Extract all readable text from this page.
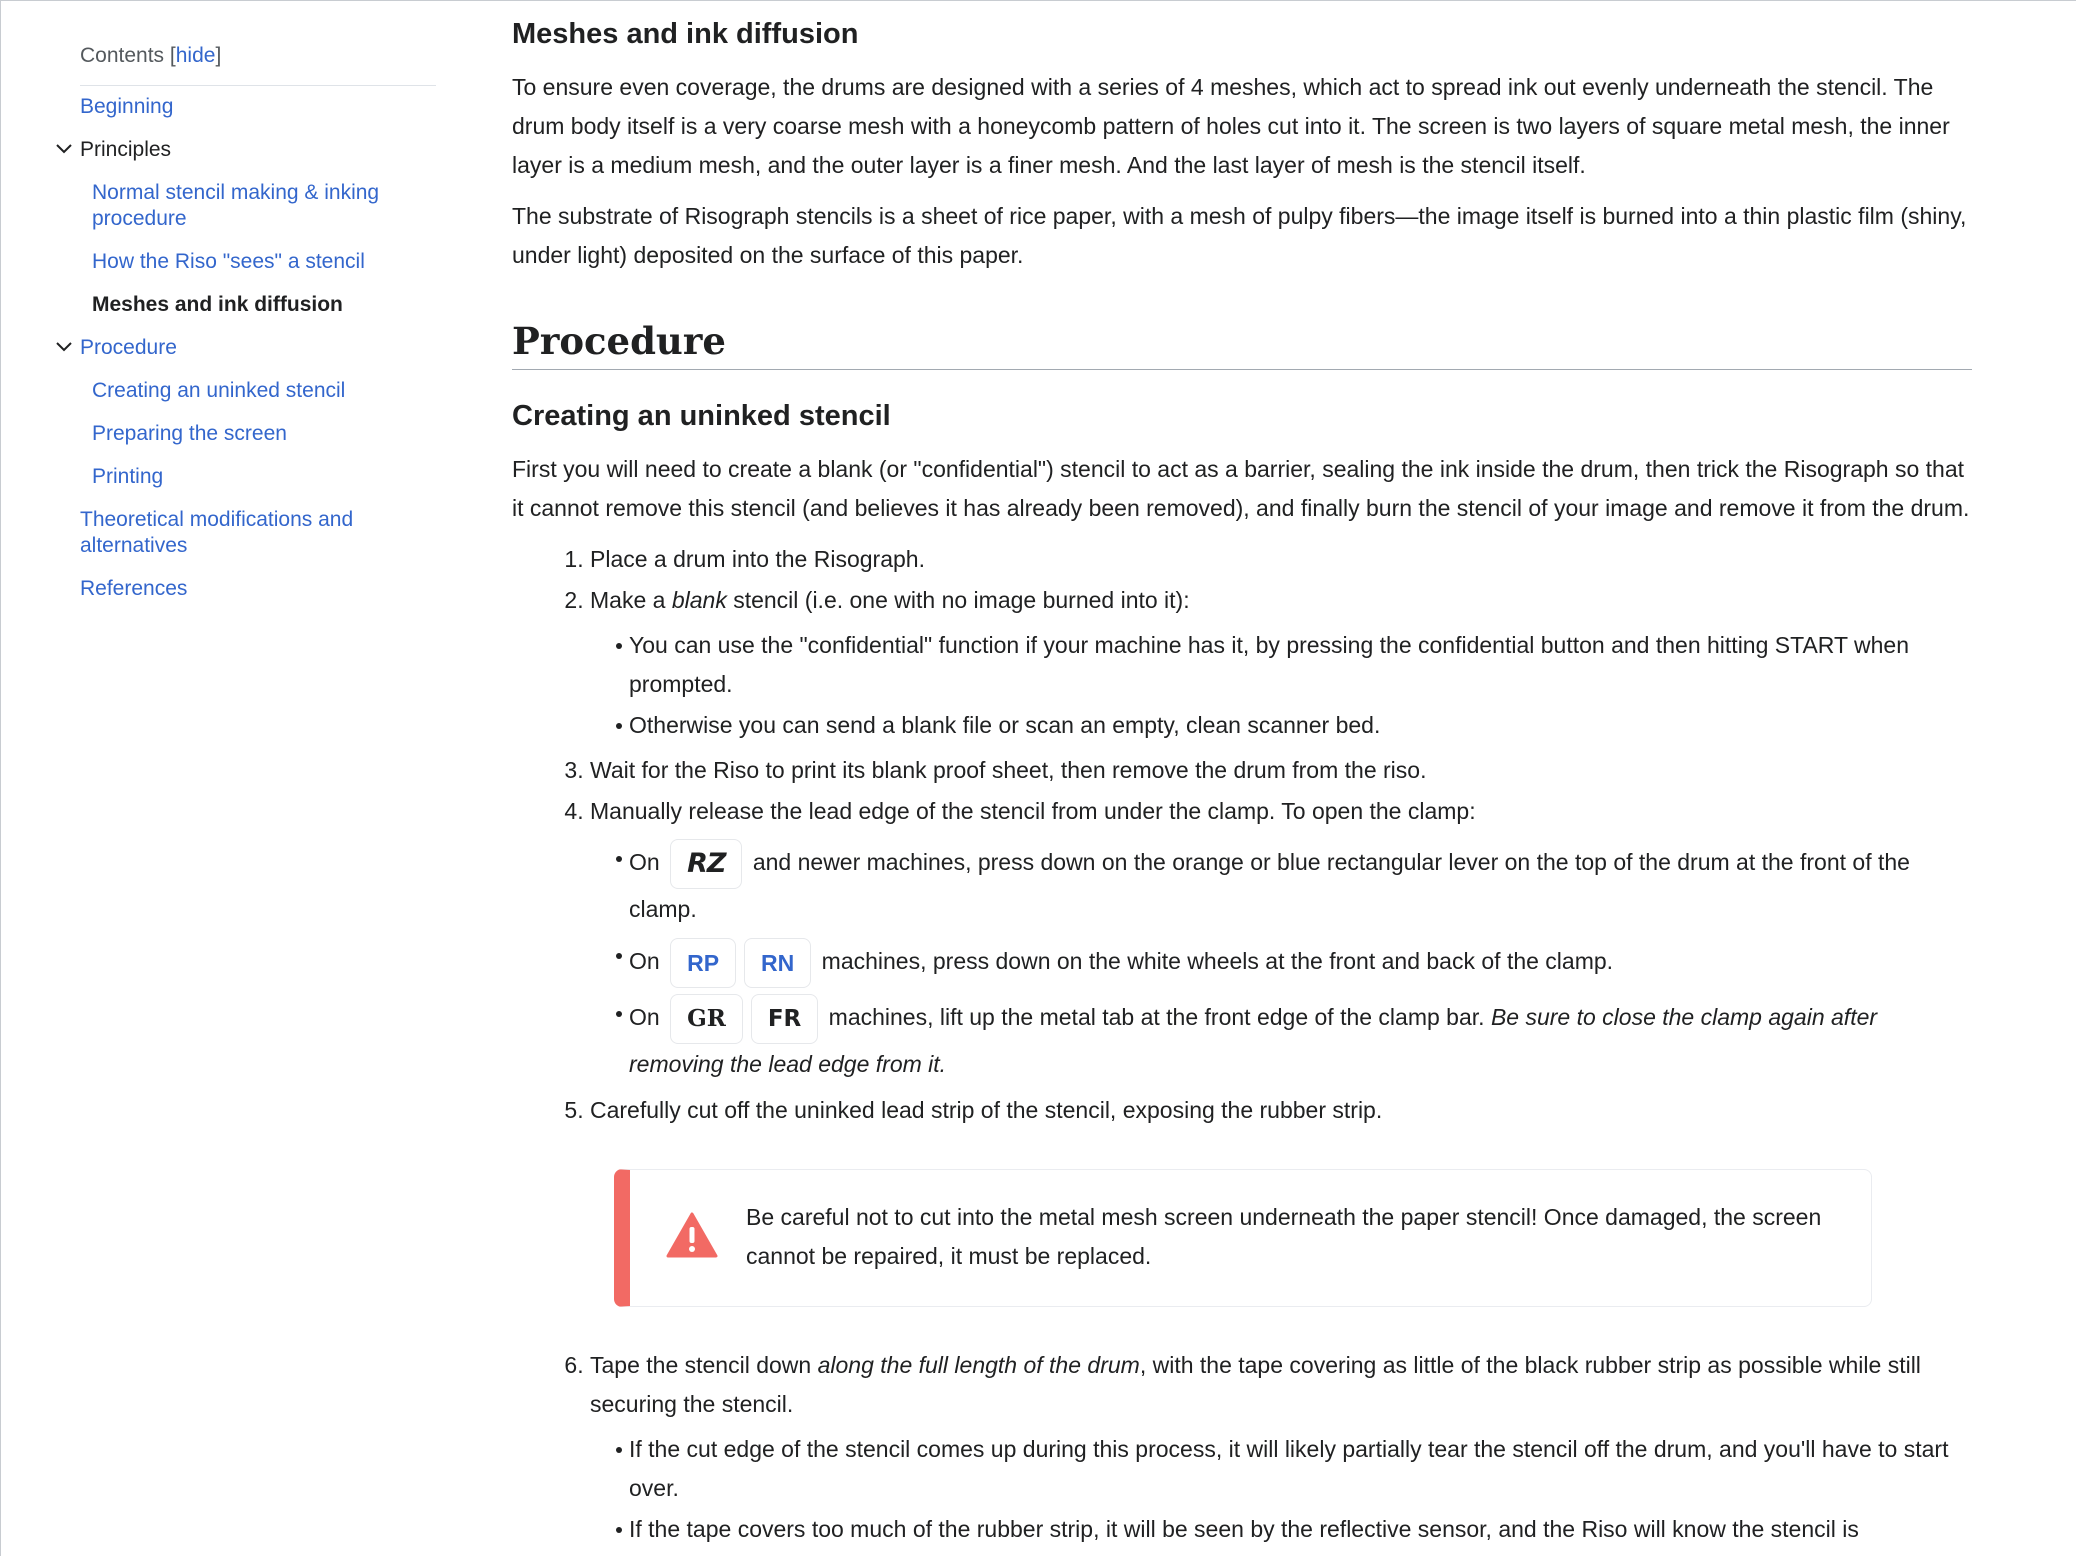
Contents [hide]
Beginning
Principles
Normal stencil making & inking procedure
How the Riso "sees" a stencil
Meshes and ink diffusion
Procedure
Creating an uninked stencil
Preparing the screen
Printing
Theoretical modifications and alternatives
References
Meshes and ink diffusion

To ensure even coverage, the drums are designed with a series of 4 meshes, which act to spread ink out evenly underneath the stencil. The drum body itself is a very coarse mesh with a honeycomb pattern of holes cut into it. The screen is two layers of square metal mesh, the inner layer is a medium mesh, and the outer layer is a finer mesh. And the last layer of mesh is the stencil itself.

The substrate of Risograph stencils is a sheet of rice paper, with a mesh of pulpy fibers—the image itself is burned into a thin plastic film (shiny, under light) deposited on the surface of this paper.

Procedure
Creating an uninked stencil

First you will need to create a blank (or "confidential") stencil to act as a barrier, sealing the ink inside the drum, then trick the Risograph so that it cannot remove this stencil (and believes it has already been removed), and finally burn the stencil of your image and remove it from the drum.

1. Place a drum into the Risograph.
2. Make a blank stencil (i.e. one with no image burned into it):
You can use the "confidential" function if your machine has it, by pressing the confidential button and then hitting START when prompted.
Otherwise you can send a blank file or scan an empty, clean scanner bed.
3. Wait for the Riso to print its blank proof sheet, then remove the drum from the riso.
4. Manually release the lead edge of the stencil from under the clamp. To open the clamp:
On RZ and newer machines, press down on the orange or blue rectangular lever on the top of the drum at the front of the clamp.
On RP RN machines, press down on the white wheels at the front and back of the clamp.
On GR FR machines, lift up the metal tab at the front edge of the clamp bar. Be sure to close the clamp again after removing the lead edge from it.
5. Carefully cut off the uninked lead strip of the stencil, exposing the rubber strip.
Be careful not to cut into the metal mesh screen underneath the paper stencil! Once damaged, the screen cannot be repaired, it must be replaced.
6. Tape the stencil down along the full length of the drum, with the tape covering as little of the black rubber strip as possible while still securing the stencil.
If the cut edge of the stencil comes up during this process, it will likely partially tear the stencil off the drum, and you'll have to start over.
If the tape covers too much of the rubber strip, it will be seen by the reflective sensor, and the Riso will know the stencil is
